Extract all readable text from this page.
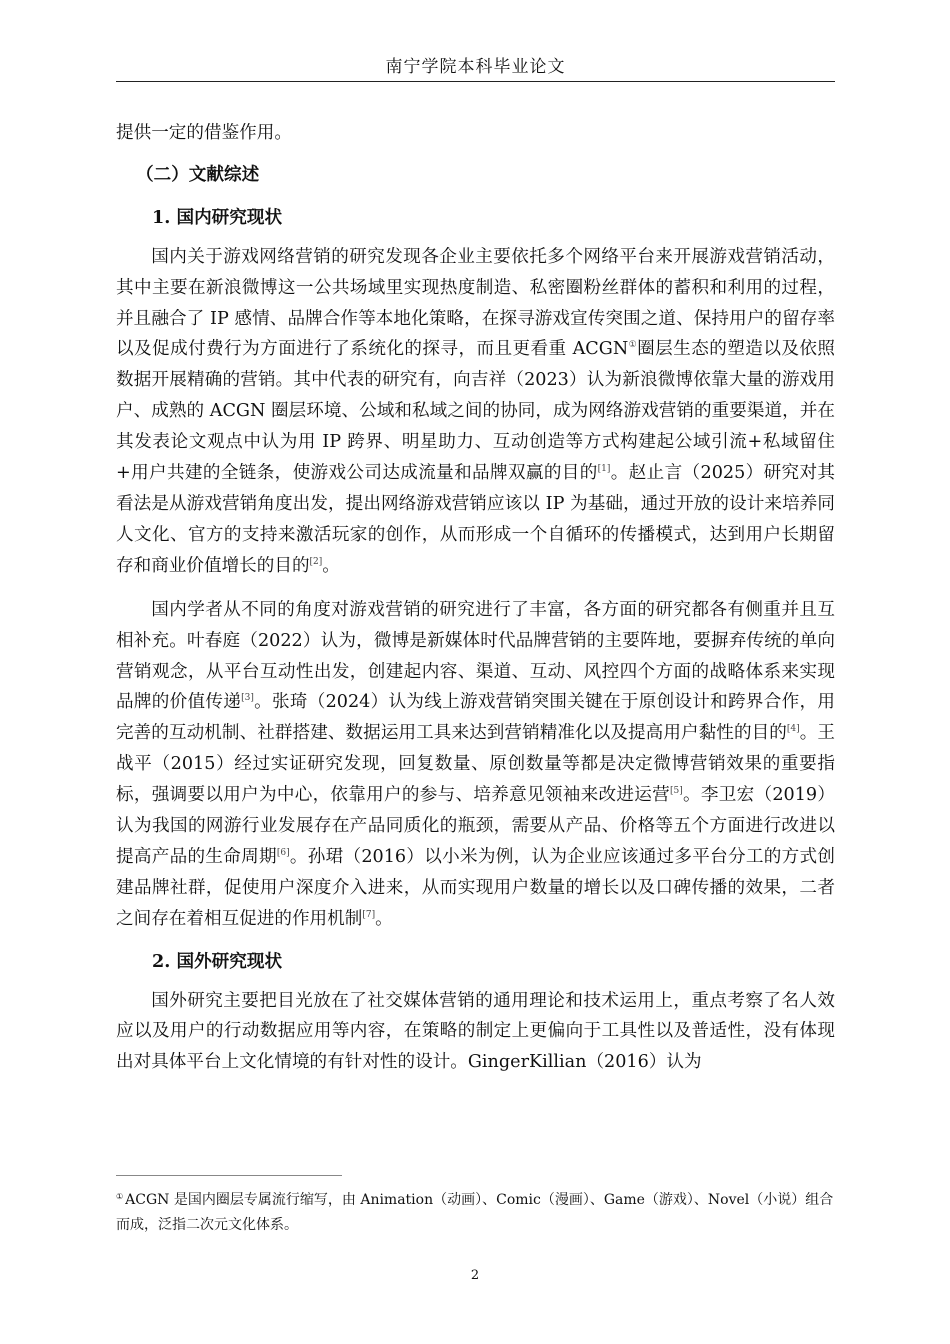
南宁学院本科毕业论文

提供一定的借鉴作用。

（二）文献综述
1. 国内研究现状

国内关于游戏网络营销的研究发现各企业主要依托多个网络平台来开展游戏营销活动，其中主要在新浪微博这一公共场域里实现热度制造、私密圈粉丝群体的蓄积和利用的过程，并且融合了 IP 感情、品牌合作等本地化策略，在探寻游戏宣传突围之道、保持用户的留存率以及促成付费行为方面进行了系统化的探寻，而且更看重 ACGN①圈层生态的塑造以及依照数据开展精确的营销。其中代表的研究有，向吉祥（2023）认为新浪微博依靠大量的游戏用户、成熟的 ACGN 圈层环境、公域和私域之间的协同，成为网络游戏营销的重要渠道，并在其发表论文观点中认为用 IP 跨界、明星助力、互动创造等方式构建起公域引流+私域留住+用户共建的全链条，使游戏公司达成流量和品牌双赢的目的[1]。赵止言（2025）研究对其看法是从游戏营销角度出发，提出网络游戏营销应该以 IP 为基础，通过开放的设计来培养同人文化、官方的支持来激活玩家的创作，从而形成一个自循环的传播模式，达到用户长期留存和商业价值增长的目的[2]。

国内学者从不同的角度对游戏营销的研究进行了丰富，各方面的研究都各有侧重并且互相补充。叶春庭（2022）认为，微博是新媒体时代品牌营销的主要阵地，要摒弃传统的单向营销观念，从平台互动性出发，创建起内容、渠道、互动、风控四个方面的战略体系来实现品牌的价值传递[3]。张琦（2024）认为线上游戏营销突围关键在于原创设计和跨界合作，用完善的互动机制、社群搭建、数据运用工具来达到营销精准化以及提高用户黏性的目的[4]。王战平（2015）经过实证研究发现，回复数量、原创数量等都是决定微博营销效果的重要指标，强调要以用户为中心，依靠用户的参与、培养意见领袖来改进运营[5]。李卫宏（2019）认为我国的网游行业发展存在产品同质化的瓶颈，需要从产品、价格等五个方面进行改进以提高产品的生命周期[6]。孙珺（2016）以小米为例，认为企业应该通过多平台分工的方式创建品牌社群，促使用户深度介入进来，从而实现用户数量的增长以及口碑传播的效果，二者之间存在着相互促进的作用机制[7]。

2. 国外研究现状

国外研究主要把目光放在了社交媒体营销的通用理论和技术运用上，重点考察了名人效应以及用户的行动数据应用等内容，在策略的制定上更偏向于工具性以及普适性，没有体现出对具体平台上文化情境的有针对性的设计。GingerKillian（2016）认为

① ACGN 是国内圈层专属流行缩写，由 Animation（动画）、Comic（漫画）、Game（游戏）、Novel（小说）组合而成，泛指二次元文化体系。

2
